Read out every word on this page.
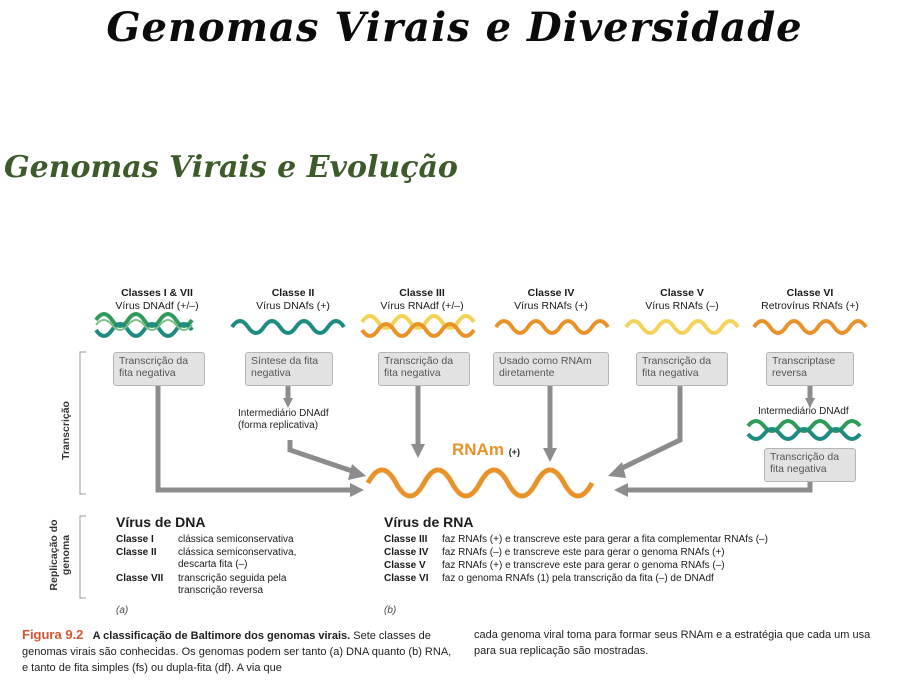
Genomas Virais e Diversidade
Genomas Virais e Evolução
Classes I & VII
Vírus DNAdf (+/–)
Classe II
Vírus DNAfs (+)
Classe III
Vírus RNAdf (+/–)
Classe IV
Vírus RNAfs (+)
Classe V
Vírus RNAfs (–)
Classe VI
Retrovírus RNAfs (+)
Transcrição da fita negativa
Síntese da fita negativa
Transcrição da fita negativa
Usado como RNAm diretamente
Transcrição da fita negativa
Transcriptase reversa
Transcrição da fita negativa
Intermediário DNAdf (forma replicativa)
Intermediário DNAdf
Transcrição
Replicação do genoma
RNAm (+)
Vírus de DNA
Classe I clássica semiconservativa
Classe II clássica semiconservativa, descarta fita (–)
Classe VII transcrição seguida pela transcrição reversa
(a)
Vírus de RNA
Classe III faz RNAfs (+) e transcreve este para gerar a fita complementar RNAfs (–)
Classe IV faz RNAfs (–) e transcreve este para gerar o genoma RNAfs (+)
Classe V faz RNAfs (+) e transcreve este para gerar o genoma RNAfs (–)
Classe VI faz o genoma RNAfs (1) pela transcrição da fita (–) de DNAdf
(b)
Figura 9.2 A classificação de Baltimore dos genomas virais. Sete classes de genomas virais são conhecidas. Os genomas podem ser tanto (a) DNA quanto (b) RNA, e tanto de fita simples (fs) ou dupla-fita (df). A via que
cada genoma viral toma para formar seus RNAm e a estratégia que cada um usa para sua replicação são mostradas.
